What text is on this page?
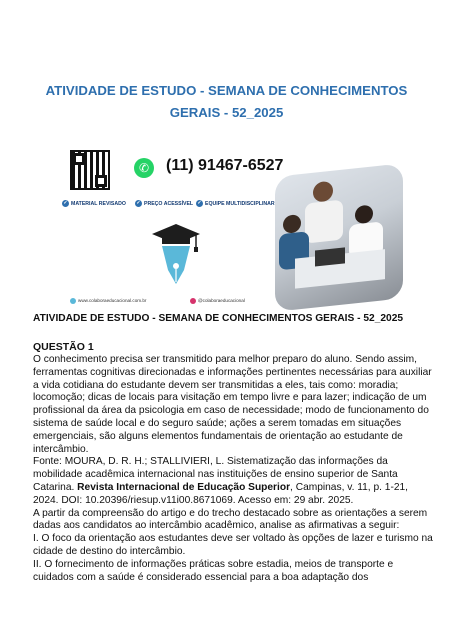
ATIVIDADE DE ESTUDO - SEMANA DE CONHECIMENTOS
GERAIS - 52_2025
✆	(11) 91467-6527
✓ MATERIAL REVISADO ✓ PREÇO ACESSÍVEL ✓ EQUIPE MULTIDISCIPLINAR
www.colaboraeducacional.com.br	@colaboraeducacional
ATIVIDADE DE ESTUDO - SEMANA DE CONHECIMENTOS GERAIS - 52_2025
QUESTÃO 1

O conhecimento precisa ser transmitido para melhor preparo do aluno. Sendo assim, ferramentas cognitivas direcionadas e informações pertinentes necessárias para auxiliar a vida cotidiana do estudante devem ser transmitidas a eles, tais como: moradia; locomoção; dicas de locais para visitação em tempo livre e para lazer; indicação de um profissional da área da psicologia em caso de necessidade; modo de funcionamento do sistema de saúde local e do seguro saúde; ações a serem tomadas em situações emergenciais, são alguns elementos fundamentais de orientação ao estudante de intercâmbio.

Fonte: MOURA, D. R. H.; STALLIVIERI, L. Sistematização das informações da mobilidade acadêmica internacional nas instituições de ensino superior de Santa Catarina. Revista Internacional de Educação Superior, Campinas, v. 11, p. 1-21, 2024. DOI: 10.20396/riesup.v11i00.8671069. Acesso em: 29 abr. 2025.

A partir da compreensão do artigo e do trecho destacado sobre as orientações a serem dadas aos candidatos ao intercâmbio acadêmico, analise as afirmativas a seguir:

I. O foco da orientação aos estudantes deve ser voltado às opções de lazer e turismo na cidade de destino do intercâmbio.

II. O fornecimento de informações práticas sobre estadia, meios de transporte e cuidados com a saúde é considerado essencial para a boa adaptação dos
